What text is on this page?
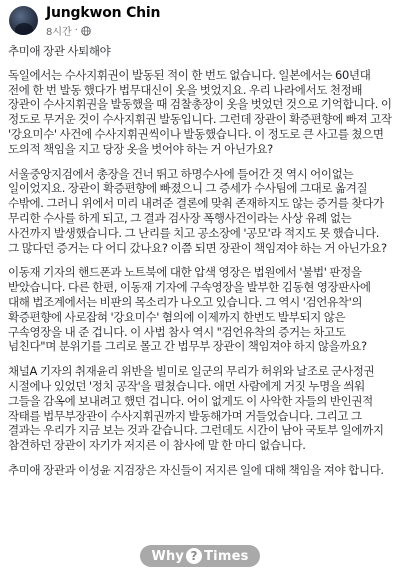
Jungkwon Chin
8시간 ·

추미애 장관 사퇴해야

독일에서는 수사지휘권이 발동된 적이 한 번도 없습니다. 일본에서는 60년대 전에 한 번 발동 했다가 법무대신이 옷을 벗었지요. 우리 나라에서도 천정배 장관이 수사지휘권을 발동했을 때 검찰총장이 옷을 벗었던 것으로 기억합니다. 이 정도로 무거운 것이 수사지휘권 발동입니다. 그런데 장관이 확증편향에 빠져 고작 '강요미수' 사건에 수사지휘권씩이나 발동했습니다. 이 정도로 큰 사고를 쳤으면 도의적 책임을 지고 당장 옷을 벗어야 하는 거 아닌가요?

서울중앙지검에서 총장을 건너 뛰고 하명수사에 들어간 것 역시 어이없는 일이었지요. 장관이 확증편향에 빠졌으니 그 증세가 수사팀에 그대로 옮겨질 수밖에. 그러니 위에서 미리 내려준 결론에 맞춰 존재하지도 않는 증거를 찾다가 무리한 수사를 하게 되고, 그 결과 검사장 폭행사건이라는 사상 유례 없는 사건까지 발생했습니다. 그 난리를 치고 공소장에 '공모'라 적지도 못 했습니다. 그 많다던 증거는 다 어디 갔나요? 이쯤 되면 장관이 책임져야 하는 거 아닌가요?

이동재 기자의 핸드폰과 노트북에 대한 압색 영장은 법원에서 '불법' 판정을 받았습니다. 다른 한편, 이동재 기자에 구속영장을 발부한 김동현 영장판사에 대해 법조계에서는 비판의 목소리가 나오고 있습니다. 그 역시 '검언유착'의 확증편향에 사로잡혀 '강요미수' 혐의에 이제까지 한번도 발부되지 않은 구속영장을 내 준 겁니다. 이 사법 참사 역시 "검언유착의 증거는 차고도 넘친다"며 분위기를 그리로 몰고 간 법무부 장관이 책임져야 하지 않을까요?

채널A 기자의 취재윤리 위반을 빌미로 일군의 무리가 허위와 날조로 군사정권 시절에나 있었던 '정치 공작'을 펼쳤습니다. 애먼 사람에게 거짓 누명을 씌워 그들을 감옥에 보내려고 했던 겁니다. 어이 없게도 이 사악한 자들의 반인권적 작태를 법무부장관이 수사지휘권까지 발동해가며 거들었습니다. 그리고 그 결과는 우리가 지금 보는 것과 같습니다. 그런데도 시간이 남아 국토부 일에까지 참견하던 장관이 자기가 저지른 이 참사에 말 한 마디 없습니다.

추미애 장관과 이성윤 지검장은 자신들이 저지른 일에 대해 책임을 져야 합니다.

Why ? Times
